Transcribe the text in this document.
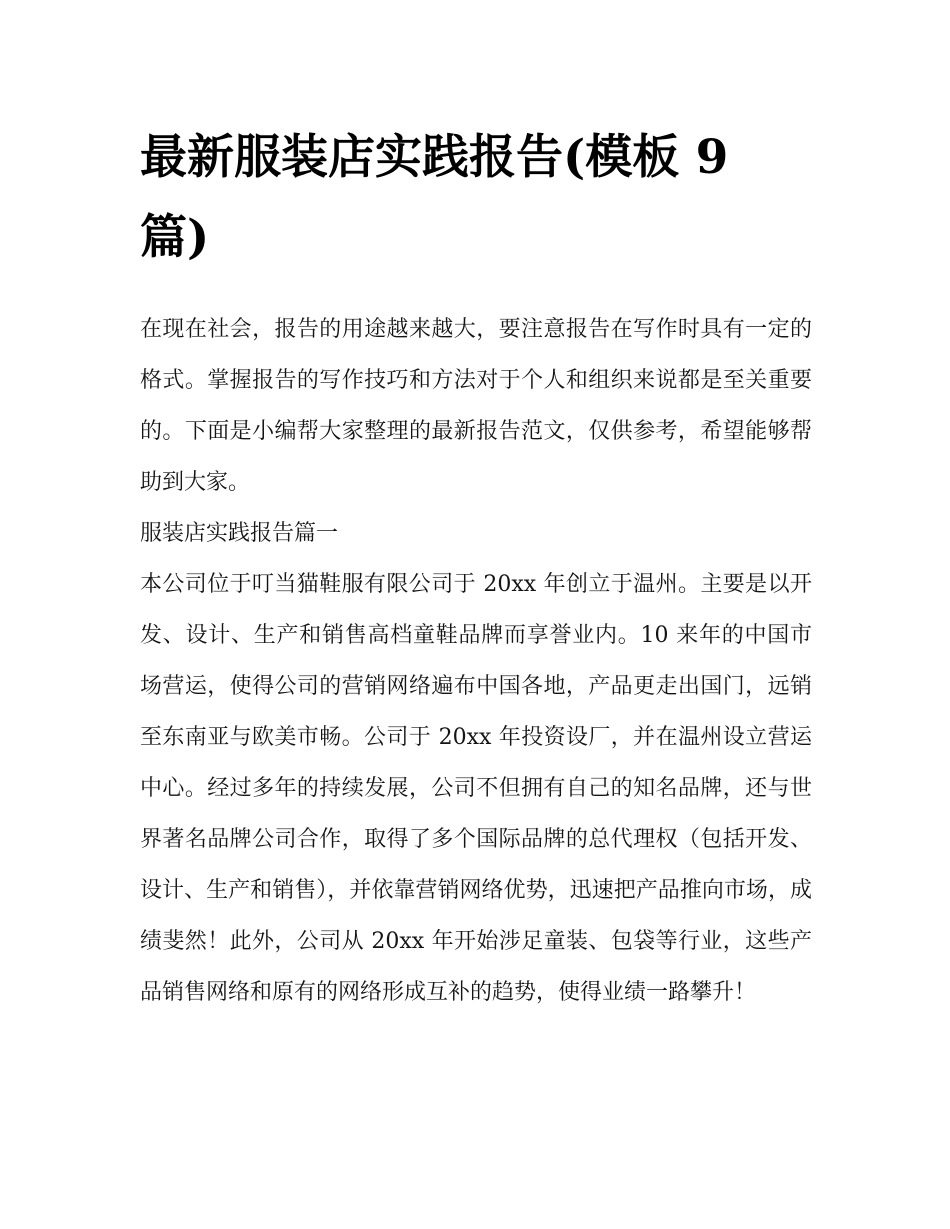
最新服装店实践报告(模板 9 篇)

在现在社会，报告的用途越来越大，要注意报告在写作时具有一定的格式。掌握报告的写作技巧和方法对于个人和组织来说都是至关重要的。下面是小编帮大家整理的最新报告范文，仅供参考，希望能够帮助到大家。

服装店实践报告篇一

本公司位于叮当猫鞋服有限公司于 20xx 年创立于温州。主要是以开发、设计、生产和销售高档童鞋品牌而享誉业内。10 来年的中国市场营运，使得公司的营销网络遍布中国各地，产品更走出国门，远销至东南亚与欧美市畅。公司于 20xx 年投资设厂，并在温州设立营运中心。经过多年的持续发展，公司不但拥有自己的知名品牌，还与世界著名品牌公司合作，取得了多个国际品牌的总代理权（包括开发、设计、生产和销售），并依靠营销网络优势，迅速把产品推向市场，成绩斐然！此外，公司从 20xx 年开始涉足童装、包袋等行业，这些产品销售网络和原有的网络形成互补的趋势，使得业绩一路攀升！
